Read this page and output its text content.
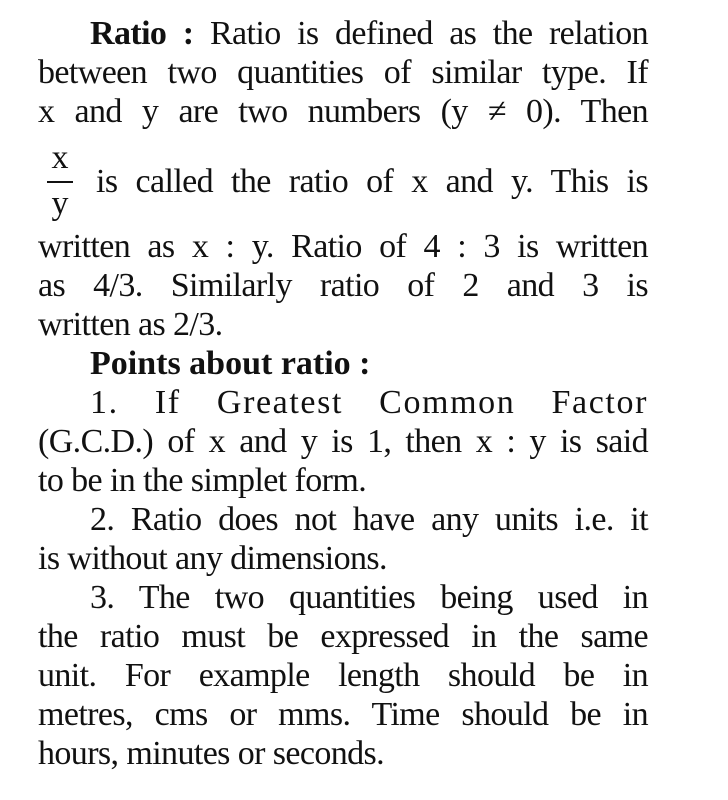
Ratio : Ratio is defined as the relation

between two quantities of similar type. If

x and y are two numbers (y ≠ 0). Then

$\frac{x}{y}$ is called the ratio of x and y. This is

written as x : y. Ratio of 4 : 3 is written

as 4/3. Similarly ratio of 2 and 3 is

written as 2/3.

Points about ratio :

1. If Greatest Common Factor

(G.C.D.) of x and y is 1, then x : y is said

to be in the simplet form.

2. Ratio does not have any units i.e. it

is without any dimensions.

3. The two quantities being used in

the ratio must be expressed in the same

unit. For example length should be in

metres, cms or mms. Time should be in

hours, minutes or seconds.
